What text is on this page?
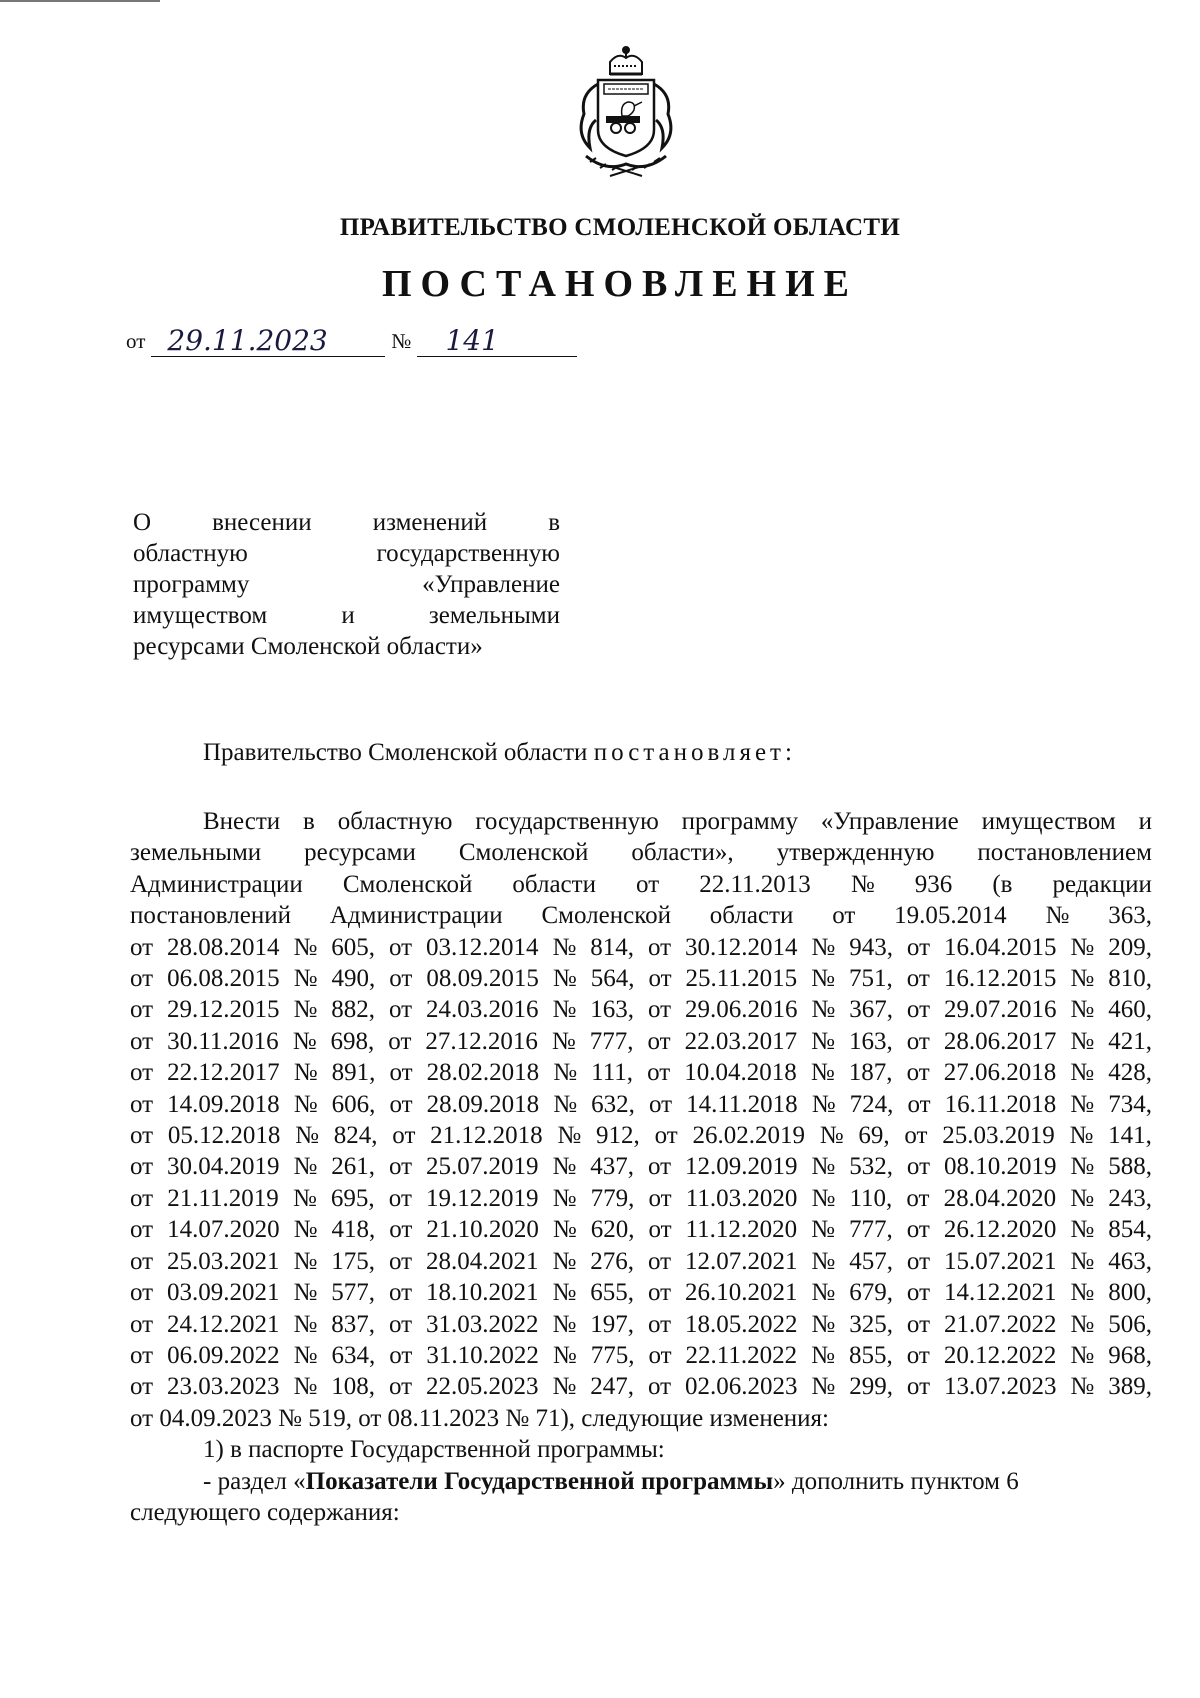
ПРАВИТЕЛЬСТВО СМОЛЕНСКОЙ ОБЛАСТИ
ПОСТАНОВЛЕНИЕ
от 29.11.2023	№	141
О внесении изменений в
областную	государственную
программу	«Управление
имуществом	и	земельными
ресурсами Смоленской области»
Правительство Смоленской области постановляет:
Внести в областную государственную программу «Управление имуществом и
земельными ресурсами Смоленской области», утвержденную постановлением
Администрации Смоленской области от 22.11.2013 № 936 (в редакции
постановлений Администрации Смоленской области от 19.05.2014 № 363,
от 28.08.2014 № 605, от 03.12.2014 № 814, от 30.12.2014 № 943, от 16.04.2015 № 209,
от 06.08.2015 № 490, от 08.09.2015 № 564, от 25.11.2015 № 751, от 16.12.2015 № 810,
от 29.12.2015 № 882, от 24.03.2016 № 163, от 29.06.2016 № 367, от 29.07.2016 № 460,
от 30.11.2016 № 698, от 27.12.2016 № 777, от 22.03.2017 № 163, от 28.06.2017 № 421,
от 22.12.2017 № 891, от 28.02.2018 № 111, от 10.04.2018 № 187, от 27.06.2018 № 428,
от 14.09.2018 № 606, от 28.09.2018 № 632, от 14.11.2018 № 724, от 16.11.2018 № 734,
от 05.12.2018 № 824, от 21.12.2018 № 912, от 26.02.2019 № 69, от 25.03.2019 № 141,
от 30.04.2019 № 261, от 25.07.2019 № 437, от 12.09.2019 № 532, от 08.10.2019 № 588,
от 21.11.2019 № 695, от 19.12.2019 № 779, от 11.03.2020 № 110, от 28.04.2020 № 243,
от 14.07.2020 № 418, от 21.10.2020 № 620, от 11.12.2020 № 777, от 26.12.2020 № 854,
от 25.03.2021 № 175, от 28.04.2021 № 276, от 12.07.2021 № 457, от 15.07.2021 № 463,
от 03.09.2021 № 577, от 18.10.2021 № 655, от 26.10.2021 № 679, от 14.12.2021 № 800,
от 24.12.2021 № 837, от 31.03.2022 № 197, от 18.05.2022 № 325, от 21.07.2022 № 506,
от 06.09.2022 № 634, от 31.10.2022 № 775, от 22.11.2022 № 855, от 20.12.2022 № 968,
от 23.03.2023 № 108, от 22.05.2023 № 247, от 02.06.2023 № 299, от 13.07.2023 № 389,
от 04.09.2023 № 519, от 08.11.2023 № 71), следующие изменения:
1) в паспорте Государственной программы:
- раздел «Показатели Государственной программы» дополнить пунктом 6
следующего содержания:
